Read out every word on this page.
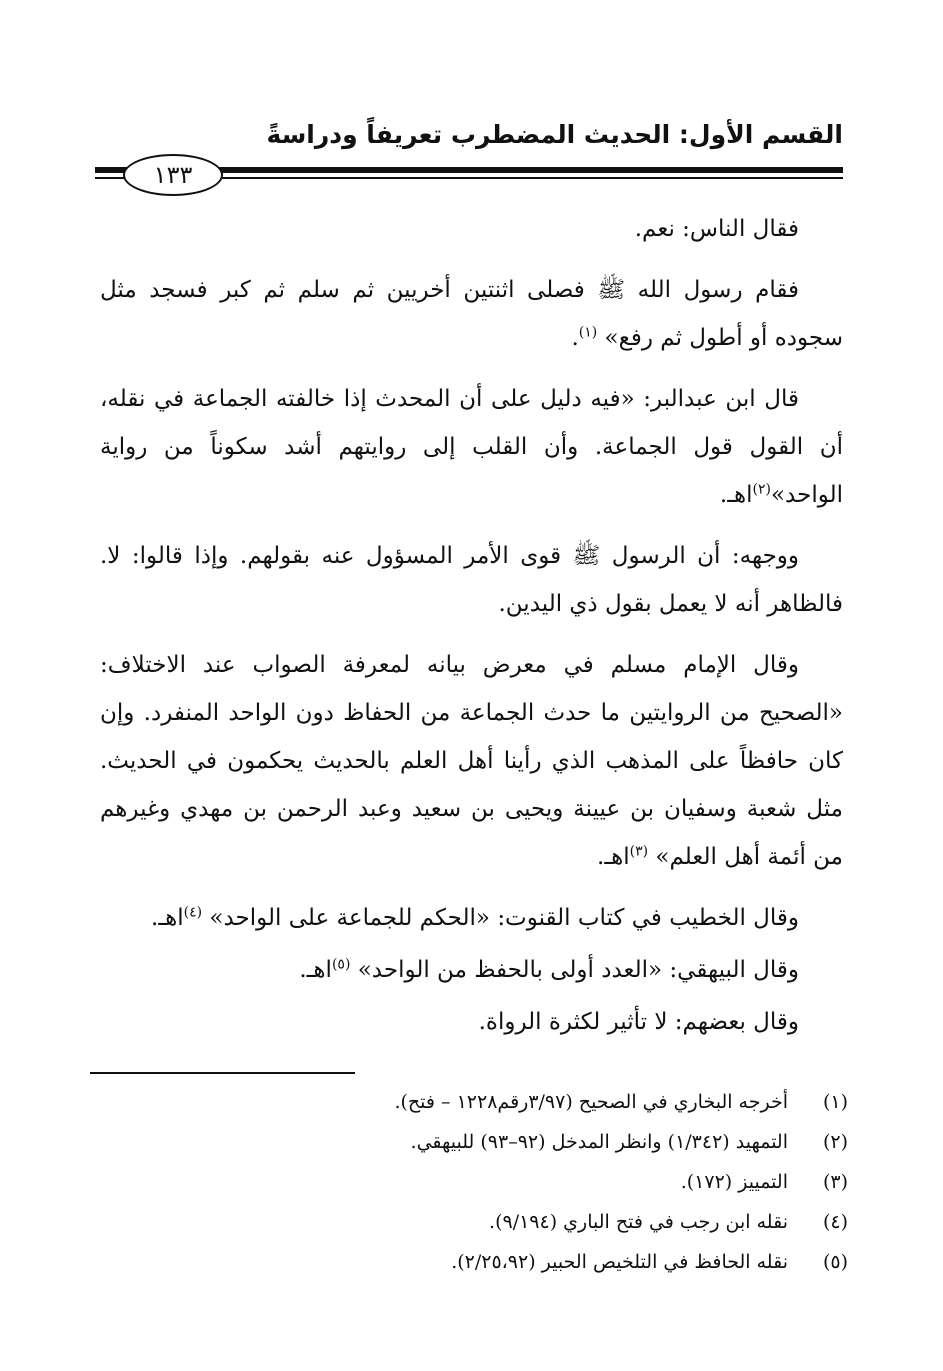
القسم الأول: الحديث المضطرب تعريفاً ودراسةً
١٣٣

فقال الناس: نعم.

فقام رسول الله ﷺ فصلى اثنتين أخريين ثم سلم ثم كبر فسجد مثل سجوده أو أطول ثم رفع» $^{(١)}$.

قال ابن عبدالبر: «فيه دليل على أن المحدث إذا خالفته الجماعة في نقله، أن القول قول الجماعة. وأن القلب إلى روايتهم أشد سكوناً من رواية الواحد»$^{(٢)}$اهـ.

ووجهه: أن الرسول ﷺ قوى الأمر المسؤول عنه بقولهم. وإذا قالوا: لا. فالظاهر أنه لا يعمل بقول ذي اليدين.

وقال الإمام مسلم في معرض بيانه لمعرفة الصواب عند الاختلاف: «الصحيح من الروايتين ما حدث الجماعة من الحفاظ دون الواحد المنفرد. وإن كان حافظاً على المذهب الذي رأينا أهل العلم بالحديث يحكمون في الحديث. مثل شعبة وسفيان بن عيينة ويحيى بن سعيد وعبد الرحمن بن مهدي وغيرهم من أئمة أهل العلم» $^{(٣)}$اهـ.

وقال الخطيب في كتاب القنوت: «الحكم للجماعة على الواحد» $^{(٤)}$اهـ.

وقال البيهقي: «العدد أولى بالحفظ من الواحد» $^{(٥)}$اهـ.

وقال بعضهم: لا تأثير لكثرة الرواة.

(١)
أخرجه البخاري في الصحيح (٣/٩٧رقم١٢٢٨ – فتح).
(٢)
التمهيد (١/٣٤٢) وانظر المدخل (٩٢–٩٣) للبيهقي.
(٣)
التمييز (١٧٢).
(٤)
نقله ابن رجب في فتح الباري (٩/١٩٤).
(٥)
نقله الحافظ في التلخيص الحبير (٢/٢٥،٩٢).
